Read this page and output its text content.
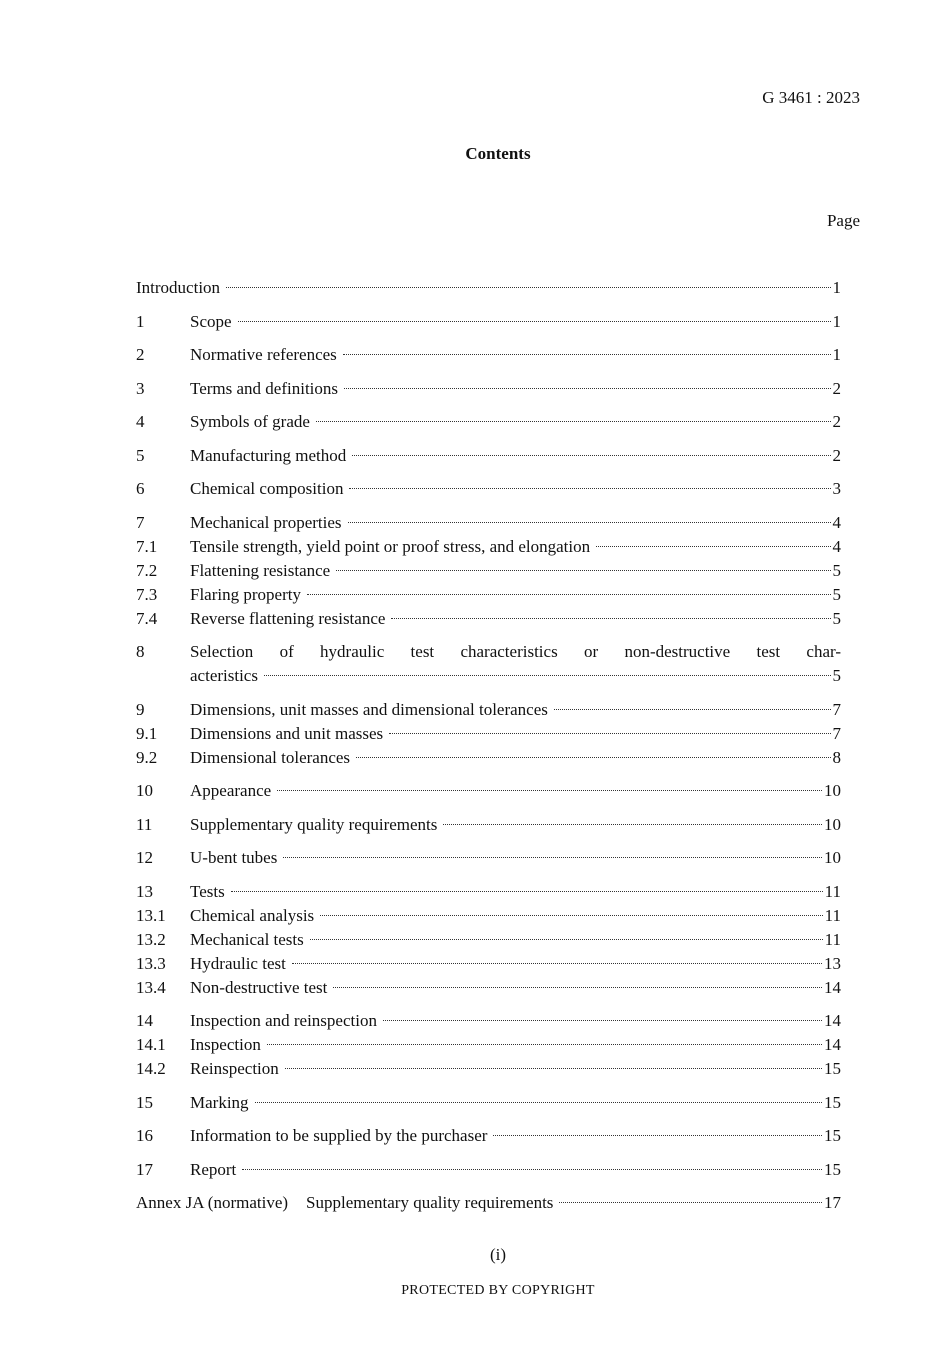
G 3461 : 2023
Contents
Page
Introduction	1
1	Scope	1
2	Normative references	1
3	Terms and definitions	2
4	Symbols of grade	2
5	Manufacturing method	2
6	Chemical composition	3
7	Mechanical properties	4
7.1	Tensile strength, yield point or proof stress, and elongation	4
7.2	Flattening resistance	5
7.3	Flaring property	5
7.4	Reverse flattening resistance	5
8	Selection of hydraulic test characteristics or non-destructive test char-
acteristics	5
9	Dimensions, unit masses and dimensional tolerances	7
9.1	Dimensions and unit masses	7
9.2	Dimensional tolerances	8
10	Appearance	10
11	Supplementary quality requirements	10
12	U-bent tubes	10
13	Tests	11
13.1	Chemical analysis	11
13.2	Mechanical tests	11
13.3	Hydraulic test	13
13.4	Non-destructive test	14
14	Inspection and reinspection	14
14.1	Inspection	14
14.2	Reinspection	15
15	Marking	15
16	Information to be supplied by the purchaser	15
17	Report	15
Annex JA (normative) Supplementary quality requirements	17
(i)
PROTECTED BY COPYRIGHT
